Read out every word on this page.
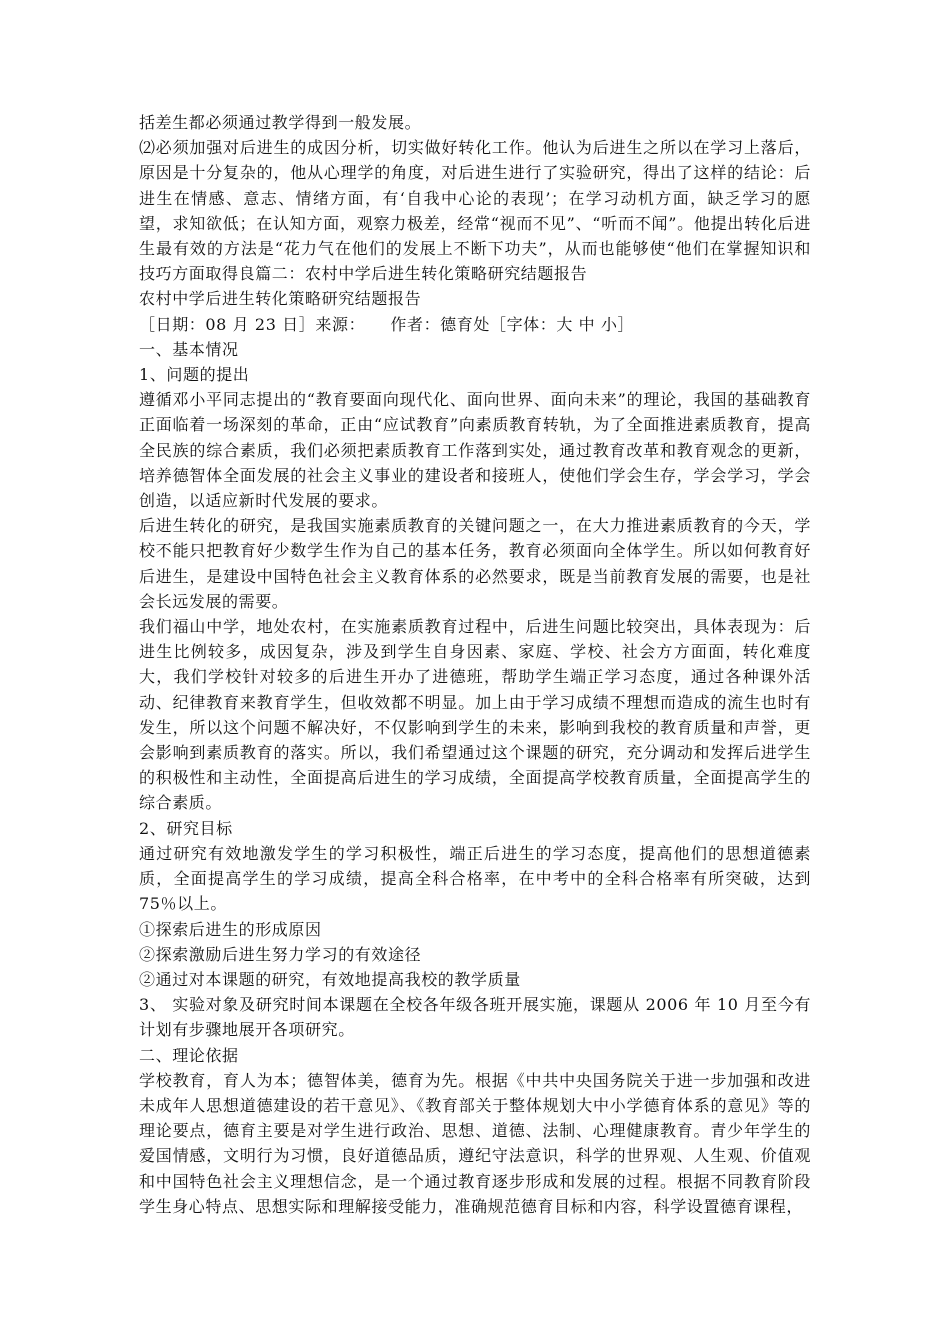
括差生都必须通过教学得到一般发展。

⑵必须加强对后进生的成因分析，切实做好转化工作。他认为后进生之所以在学习上落后，原因是十分复杂的，他从心理学的角度，对后进生进行了实验研究，得出了这样的结论：后进生在情感、意志、情绪方面，有‘自我中心论的表现’；在学习动机方面，缺乏学习的愿望，求知欲低；在认知方面，观察力极差，经常“视而不见”、“听而不闻”。他提出转化后进生最有效的方法是“花力气在他们的发展上不断下功夫”，从而也能够使“他们在掌握知识和技巧方面取得良篇二：农村中学后进生转化策略研究结题报告

农村中学后进生转化策略研究结题报告

［日期：08 月 23 日］来源：　　作者：德育处［字体：大 中 小］

一、基本情况

1、问题的提出

遵循邓小平同志提出的“教育要面向现代化、面向世界、面向未来”的理论，我国的基础教育正面临着一场深刻的革命，正由“应试教育”向素质教育转轨，为了全面推进素质教育，提高全民族的综合素质，我们必须把素质教育工作落到实处，通过教育改革和教育观念的更新，培养德智体全面发展的社会主义事业的建设者和接班人，使他们学会生存，学会学习，学会创造，以适应新时代发展的要求。

后进生转化的研究，是我国实施素质教育的关键问题之一，在大力推进素质教育的今天，学校不能只把教育好少数学生作为自己的基本任务，教育必须面向全体学生。所以如何教育好后进生，是建设中国特色社会主义教育体系的必然要求，既是当前教育发展的需要，也是社会长远发展的需要。

我们福山中学，地处农村，在实施素质教育过程中，后进生问题比较突出，具体表现为：后进生比例较多，成因复杂，涉及到学生自身因素、家庭、学校、社会方方面面，转化难度大，我们学校针对较多的后进生开办了进德班，帮助学生端正学习态度，通过各种课外活动、纪律教育来教育学生，但收效都不明显。加上由于学习成绩不理想而造成的流生也时有发生，所以这个问题不解决好，不仅影响到学生的未来，影响到我校的教育质量和声誉，更会影响到素质教育的落实。所以，我们希望通过这个课题的研究，充分调动和发挥后进学生的积极性和主动性，全面提高后进生的学习成绩，全面提高学校教育质量，全面提高学生的综合素质。

2、研究目标

通过研究有效地激发学生的学习积极性，端正后进生的学习态度，提高他们的思想道德素质，全面提高学生的学习成绩，提高全科合格率，在中考中的全科合格率有所突破，达到 75％以上。

①探索后进生的形成原因

②探索激励后进生努力学习的有效途径

②通过对本课题的研究，有效地提高我校的教学质量

3、 实验对象及研究时间本课题在全校各年级各班开展实施，课题从 2006 年 10 月至今有计划有步骤地展开各项研究。

二、理论依据

学校教育，育人为本；德智体美，德育为先。根据《中共中央国务院关于进一步加强和改进未成年人思想道德建设的若干意见》、《教育部关于整体规划大中小学德育体系的意见》等的理论要点，德育主要是对学生进行政治、思想、道德、法制、心理健康教育。青少年学生的爱国情感，文明行为习惯，良好道德品质，遵纪守法意识，科学的世界观、人生观、价值观和中国特色社会主义理想信念，是一个通过教育逐步形成和发展的过程。根据不同教育阶段学生身心特点、思想实际和理解接受能力，准确规范德育目标和内容，科学设置德育课程，
